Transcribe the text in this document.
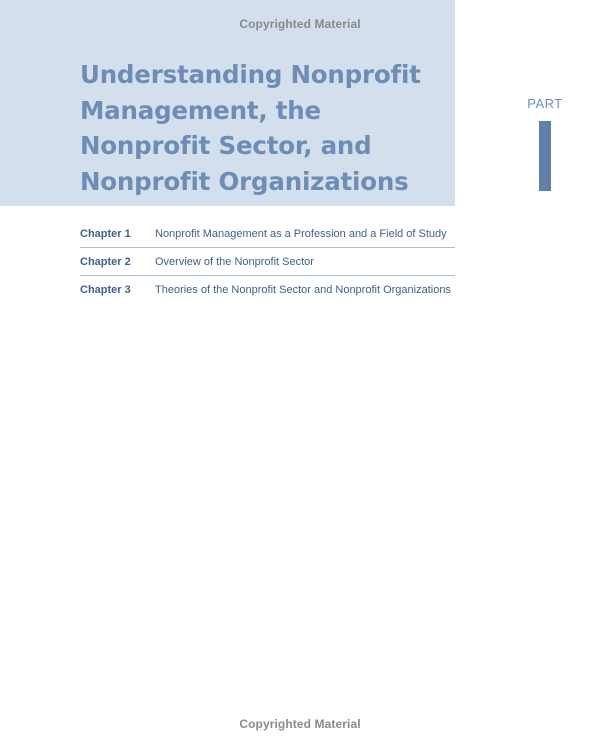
Copyrighted Material
Understanding Nonprofit
Management, the
Nonprofit Sector, and
Nonprofit Organizations
PART
Chapter 1 Nonprofit Management as a Profession and a Field of Study
Chapter 2 Overview of the Nonprofit Sector
Chapter 3 Theories of the Nonprofit Sector and Nonprofit Organizations
Copyrighted Material
